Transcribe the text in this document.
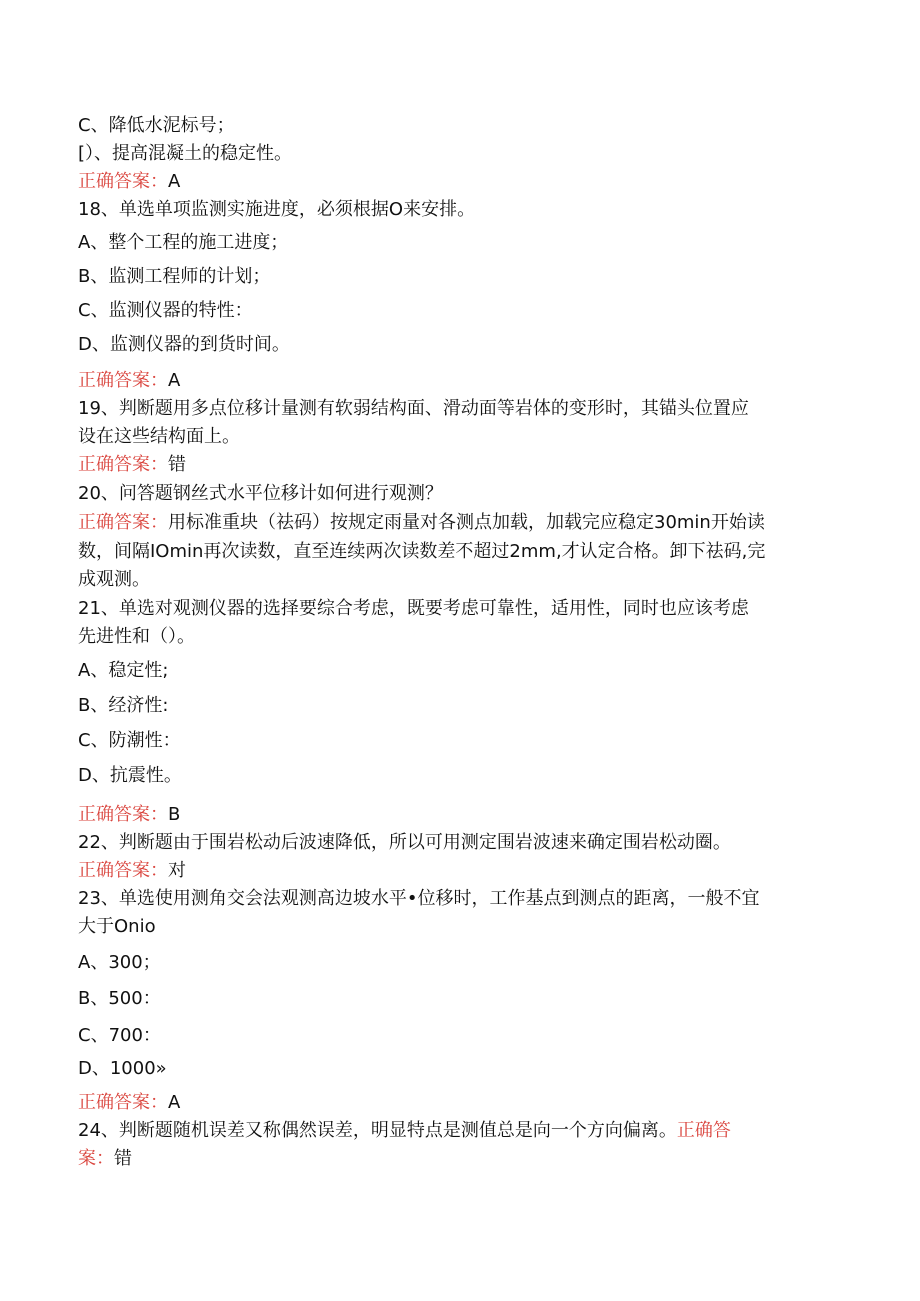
C、降低水泥标号；
[）、提高混凝土的稳定性。
正确答案：A
18、单选单项监测实施进度，必须根据O来安排。
A、整个工程的施工进度；
B、监测工程师的计划；
C、监测仪器的特性：
D、监测仪器的到货时间。
正确答案：A
19、判断题用多点位移计量测有软弱结构面、滑动面等岩体的变形时，其锚头位置应
设在这些结构面上。
正确答案：错
20、问答题钢丝式水平位移计如何进行观测？
正确答案：用标准重块（祛码）按规定雨量对各测点加载，加载完应稳定30min开始读
数，间隔IOmin再次读数，直至连续两次读数差不超过2mm,才认定合格。卸下祛码,完
成观测。
21、单选对观测仪器的选择要综合考虑，既要考虑可靠性，适用性，同时也应该考虑
先进性和（）。
A、稳定性;
B、经济性:
C、防潮性：
D、抗震性。
正确答案：B
22、判断题由于围岩松动后波速降低，所以可用测定围岩波速来确定围岩松动圈。
正确答案：对
23、单选使用测角交会法观测高边坡水平•位移时，工作基点到测点的距离，一般不宜
大于Onio
A、300；
B、500：
C、700：
D、1000»
正确答案：A
24、判断题随机误差又称偶然误差，明显特点是测值总是向一个方向偏离。正确答
案：错
